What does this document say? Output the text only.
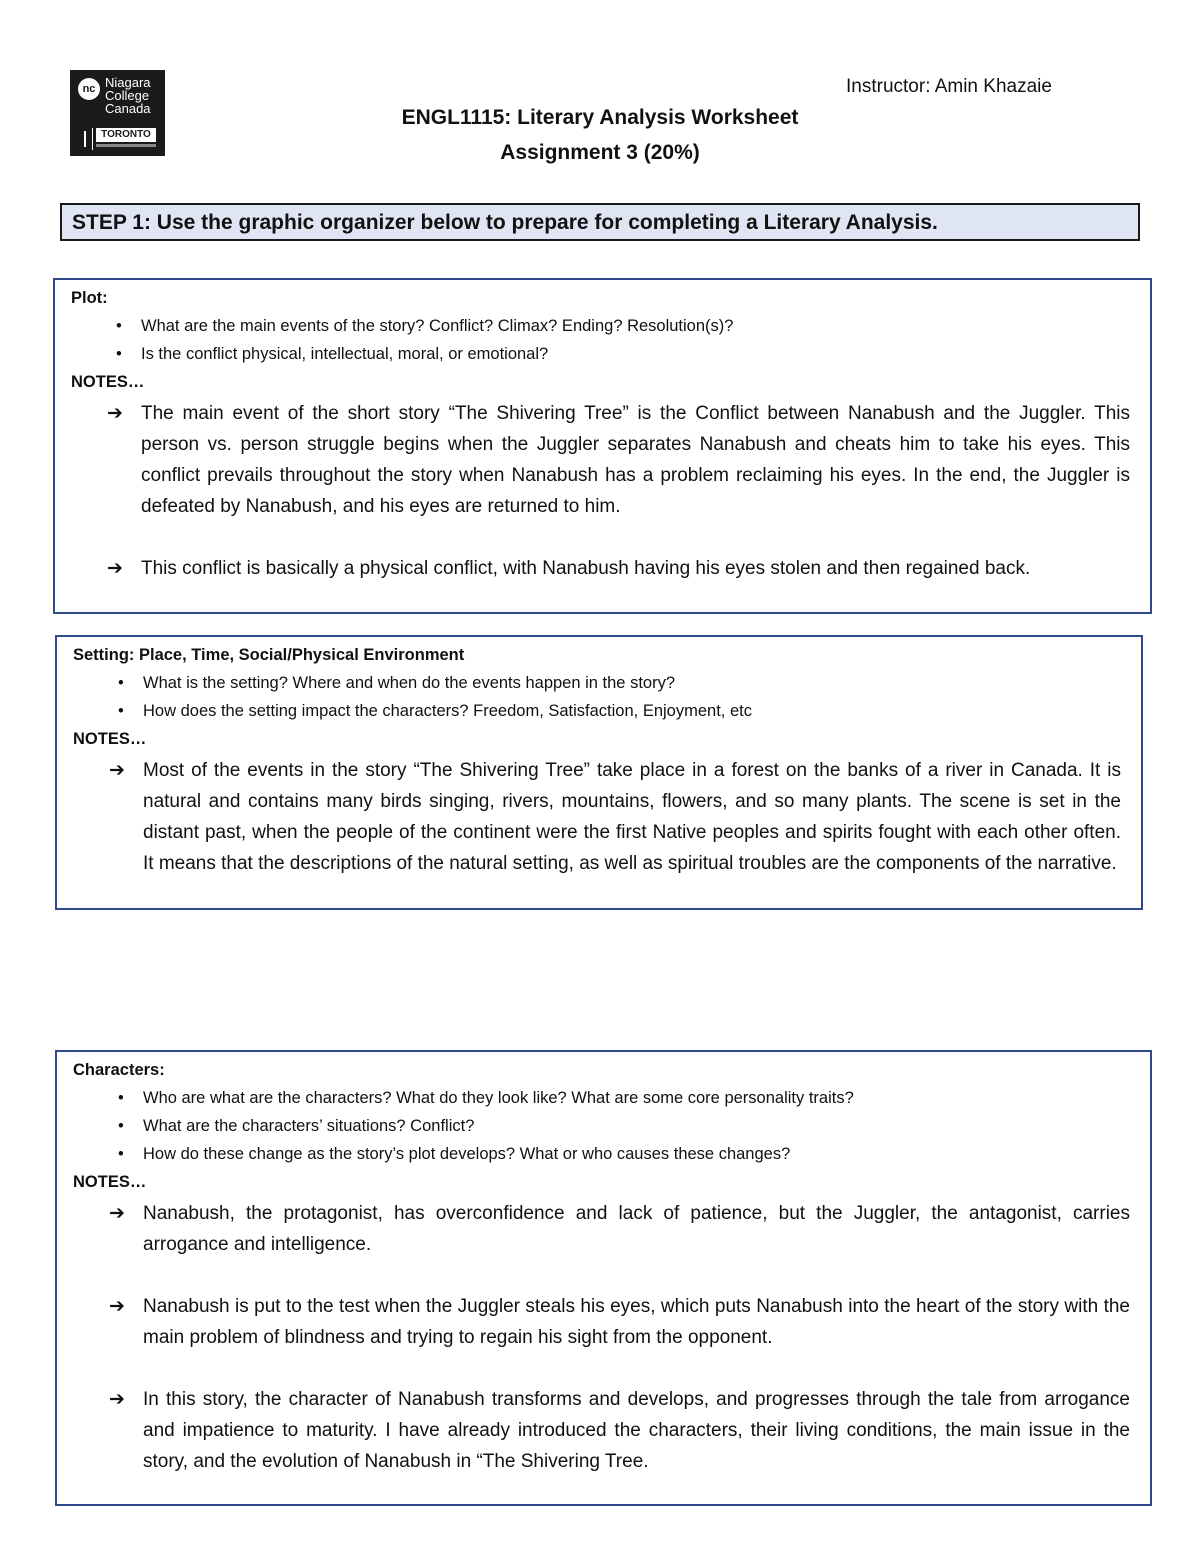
nc Niagara
College
Canada
TORONTO
Instructor: Amin Khazaie
ENGL1115: Literary Analysis Worksheet
Assignment 3 (20%)
STEP 1: Use the graphic organizer below to prepare for completing a Literary Analysis.
Plot:
• What are the main events of the story? Conflict? Climax? Ending? Resolution(s)?
• Is the conflict physical, intellectual, moral, or emotional?
NOTES…
➔ The main event of the short story “The Shivering Tree” is the Conflict between Nanabush and the Juggler. This person vs. person struggle begins when the Juggler separates Nanabush and cheats him to take his eyes. This conflict prevails throughout the story when Nanabush has a problem reclaiming his eyes. In the end, the Juggler is defeated by Nanabush, and his eyes are returned to him.
➔ This conflict is basically a physical conflict, with Nanabush having his eyes stolen and then regained back.
Setting: Place, Time, Social/Physical Environment
• What is the setting? Where and when do the events happen in the story?
• How does the setting impact the characters? Freedom, Satisfaction, Enjoyment, etc
NOTES…
➔ Most of the events in the story “The Shivering Tree” take place in a forest on the banks of a river in Canada. It is natural and contains many birds singing, rivers, mountains, flowers, and so many plants. The scene is set in the distant past, when the people of the continent were the first Native peoples and spirits fought with each other often. It means that the descriptions of the natural setting, as well as spiritual troubles are the components of the narrative.
Characters:
• Who are what are the characters? What do they look like? What are some core personality traits?
• What are the characters’ situations? Conflict?
• How do these change as the story’s plot develops? What or who causes these changes?
NOTES…
➔ Nanabush, the protagonist, has overconfidence and lack of patience, but the Juggler, the antagonist, carries arrogance and intelligence.
➔ Nanabush is put to the test when the Juggler steals his eyes, which puts Nanabush into the heart of the story with the main problem of blindness and trying to regain his sight from the opponent.
➔ In this story, the character of Nanabush transforms and develops, and progresses through the tale from arrogance and impatience to maturity. I have already introduced the characters, their living conditions, the main issue in the story, and the evolution of Nanabush in “The Shivering Tree.
